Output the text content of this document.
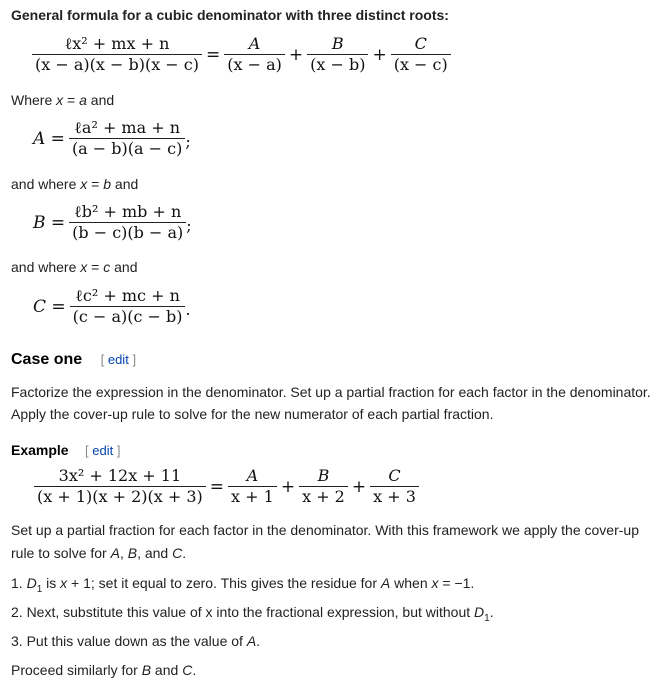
General formula for a cubic denominator with three distinct roots:
$\frac{\text{ℓx² + mx + n}}{(x - a)(x - b)(x - c)} = \frac{A}{(x - a)} + \frac{B}{(x - b)} + \frac{C}{(x - c)}$
Where x = a and
$A = \frac{\text{ℓa² + ma + n}}{(a - b)(a - c)}$ ;
and where x = b and
$B = \frac{\text{ℓb² + mb + n}}{(b - c)(b - a)}$ ;
and where x = c and
$C = \frac{\text{ℓc² + mc + n}}{(c - a)(c - b)}$ .
Case one [ edit ]
Factorize the expression in the denominator. Set up a partial fraction for each factor in the denominator.
Apply the cover-up rule to solve for the new numerator of each partial fraction.
Example [ edit ]
$\frac{\text{3x² + 12x + 11}}{(x + 1)(x + 2)(x + 3)} = \frac{A}{x + 1} + \frac{B}{x + 2} + \frac{C}{x + 3}$
Set up a partial fraction for each factor in the denominator. With this framework we apply the cover-up
rule to solve for A, B, and C.
1. $D_1$ is x + 1; set it equal to zero. This gives the residue for A when x = −1.
2. Next, substitute this value of x into the fractional expression, but without $D_1$.
3. Put this value down as the value of A.
Proceed similarly for B and C.
